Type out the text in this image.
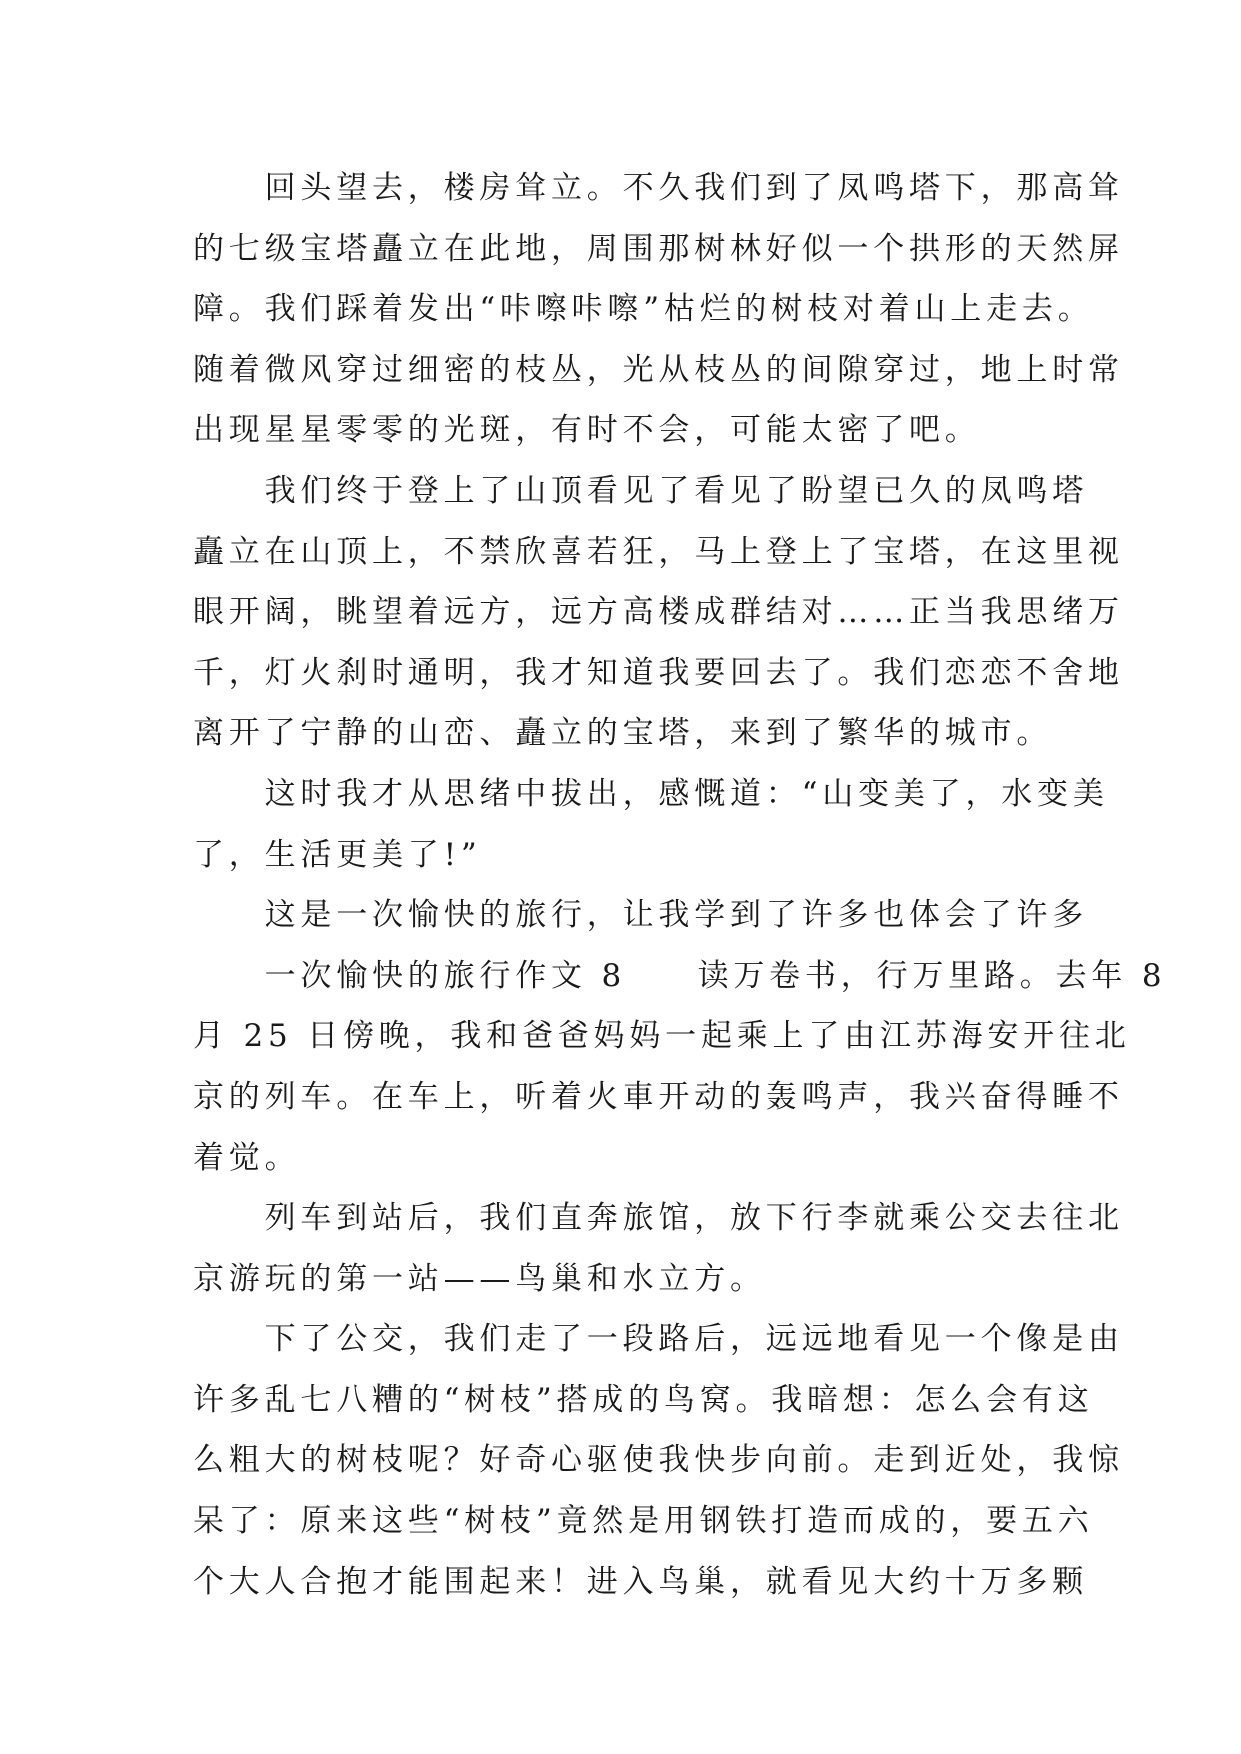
　　回头望去，楼房耸立。不久我们到了凤鸣塔下，那高耸
的七级宝塔矗立在此地，周围那树林好似一个拱形的天然屏
障。我们踩着发出“咔嚓咔嚓”枯烂的树枝对着山上走去。
随着微风穿过细密的枝丛，光从枝丛的间隙穿过，地上时常
出现星星零零的光斑，有时不会，可能太密了吧。
　　我们终于登上了山顶看见了看见了盼望已久的凤鸣塔
矗立在山顶上，不禁欣喜若狂，马上登上了宝塔，在这里视
眼开阔，眺望着远方，远方高楼成群结对……正当我思绪万
千，灯火刹时通明，我才知道我要回去了。我们恋恋不舍地
离开了宁静的山峦、矗立的宝塔，来到了繁华的城市。
　　这时我才从思绪中拔出，感慨道：“山变美了，水变美
了，生活更美了!”
　　这是一次愉快的旅行，让我学到了许多也体会了许多
　　一次愉快的旅行作文 8　　读万卷书，行万里路。去年 8
月 25 日傍晚，我和爸爸妈妈一起乘上了由江苏海安开往北
京的列车。在车上，听着火車开动的轰鸣声，我兴奋得睡不
着觉。
　　列车到站后，我们直奔旅馆，放下行李就乘公交去往北
京游玩的第一站——鸟巢和水立方。
　　下了公交，我们走了一段路后，远远地看见一个像是由
许多乱七八糟的“树枝”搭成的鸟窝。我暗想：怎么会有这
么粗大的树枝呢？好奇心驱使我快步向前。走到近处，我惊
呆了：原来这些“树枝”竟然是用钢铁打造而成的，要五六
个大人合抱才能围起来！进入鸟巢，就看见大约十万多颗
